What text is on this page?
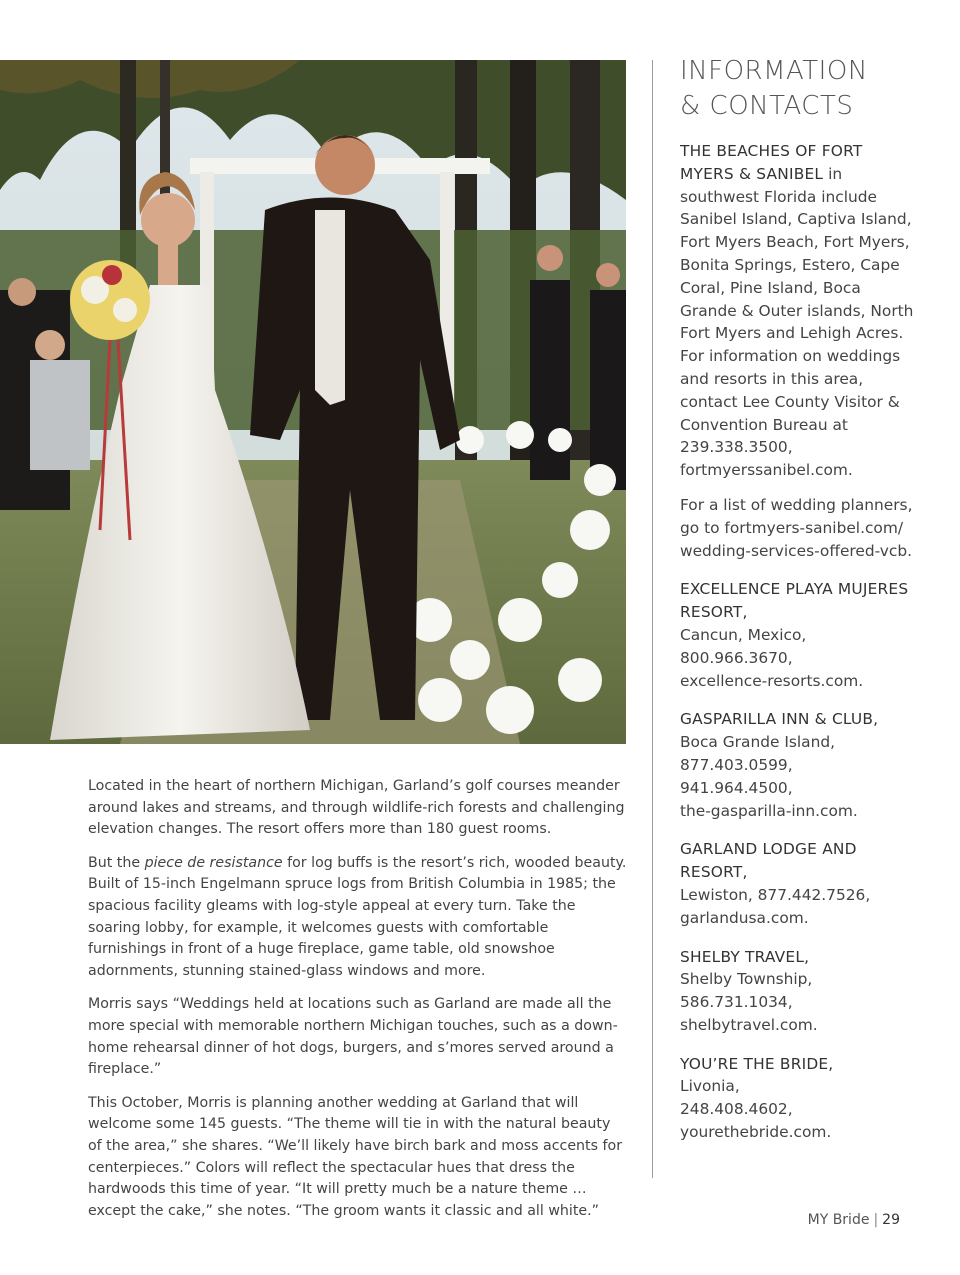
Located in the heart of northern Michigan, Garland’s golf courses meander around lakes and streams, and through wildlife-rich forests and challenging elevation changes. The resort offers more than 180 guest rooms.

But the piece de resistance for log buffs is the resort’s rich, wooded beauty. Built of 15-inch Engelmann spruce logs from British Columbia in 1985; the spacious facility gleams with log-style appeal at every turn. Take the soaring lobby, for example, it welcomes guests with comfortable furnishings in front of a huge fireplace, game table, old snowshoe adornments, stunning stained-glass windows and more.

Morris says “Weddings held at locations such as Garland are made all the more special with memorable northern Michigan touches, such as a down-home rehearsal dinner of hot dogs, burgers, and s’mores served around a fireplace.”

This October, Morris is planning another wedding at Garland that will welcome some 145 guests. “The theme will tie in with the natural beauty of the area,” she shares. “We’ll likely have birch bark and moss accents for centerpieces.” Colors will reflect the spectacular hues that dress the hardwoods this time of year. “It will pretty much be a nature theme … except the cake,” she notes. “The groom wants it classic and all white.”

INFORMATION
& CONTACTS
THE BEACHES OF FORT MYERS & SANIBEL in southwest Florida include Sanibel Island, Captiva Island, Fort Myers Beach, Fort Myers, Bonita Springs, Estero, Cape Coral, Pine Island, Boca Grande & Outer islands, North Fort Myers and Lehigh Acres. For information on weddings and resorts in this area, contact Lee County Visitor & Convention Bureau at 239.338.3500, fortmyerssanibel.com.
For a list of wedding planners, go to fortmyers-sanibel.com/ wedding-services-offered-vcb.
EXCELLENCE PLAYA MUJERES RESORT,
Cancun, Mexico,
800.966.3670,
excellence-resorts.com.
GASPARILLA INN & CLUB,
Boca Grande Island,
877.403.0599,
941.964.4500,
the-gasparilla-inn.com.
GARLAND LODGE AND RESORT,
Lewiston, 877.442.7526,
garlandusa.com.
SHELBY TRAVEL,
Shelby Township,
586.731.1034,
shelbytravel.com.
YOU’RE THE BRIDE,
Livonia,
248.408.4602,
yourethebride.com.
MY Bride | 29
